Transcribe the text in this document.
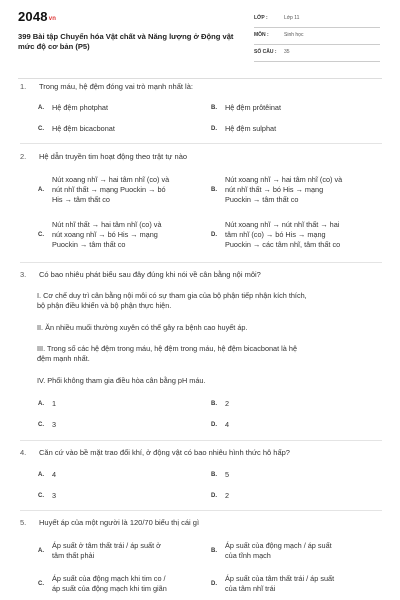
2048vn
399 Bài tập Chuyển hóa Vật chất và Năng lượng ở Động vật mức độ cơ bản (P5)
LỚP :	Lớp 11
MÔN :	Sinh học
SỐ CÂU : 35
1. Trong máu, hệ đệm đóng vai trò mạnh nhất là:
A. Hệ đệm photphat	B. Hệ đệm prôtêinat
C. Hệ đệm bicacbonat	D. Hệ đệm sulphat
2. Hệ dẫn truyền tim hoạt động theo trật tự nào
A.
Nút xoang nhĩ → hai tâm nhĩ (co) và
nút nhĩ thất → mạng Puockin → bó
His → tâm thất co
B.
Nút xoang nhĩ → hai tâm nhĩ (co) và
nút nhĩ thất → bó His → mạng
Puockin → tâm thất co
C.
Nút nhĩ thất → hai tâm nhĩ (co) và
nút xoang nhĩ → bó His → mạng
Puockin → tâm thất co
D.
Nút xoang nhĩ → nút nhĩ thất → hai
tâm nhĩ (co) → bó His → mạng
Puockin → các tâm nhĩ, tâm thất co
3. Có bao nhiêu phát biểu sau đây đúng khi nói về cân bằng nội môi?
I. Cơ chế duy trì cân bằng nội môi có sự tham gia của bộ phận tiếp nhận kích thích,
bộ phận điều khiển và bộ phận thực hiện.
II. Ăn nhiều muối thường xuyên có thể gây ra bệnh cao huyết áp.
III. Trong số các hệ đệm trong máu, hệ đệm trong máu, hệ đệm bicacbonat là hệ
đệm mạnh nhất.
IV. Phổi không tham gia điều hòa cân bằng pH máu.
A. 1	B. 2
C. 3	D. 4
4. Căn cứ vào bề mặt trao đổi khí, ở động vật có bao nhiêu hình thức hô hấp?
A. 4	B. 5
C. 3	D. 2
5. Huyết áp của một người là 120/70 biểu thị cái gì
A.
Áp suất ở tâm thất trái / áp suất ở
tâm thất phải	B.
Áp suất của động mạch / áp suất
của tĩnh mạch
C.
Áp suất của động mạch khi tim co /
áp suất của động mạch khi tim giãn	D.
Áp suất của tâm thất trái / áp suất
của tâm nhĩ trái
